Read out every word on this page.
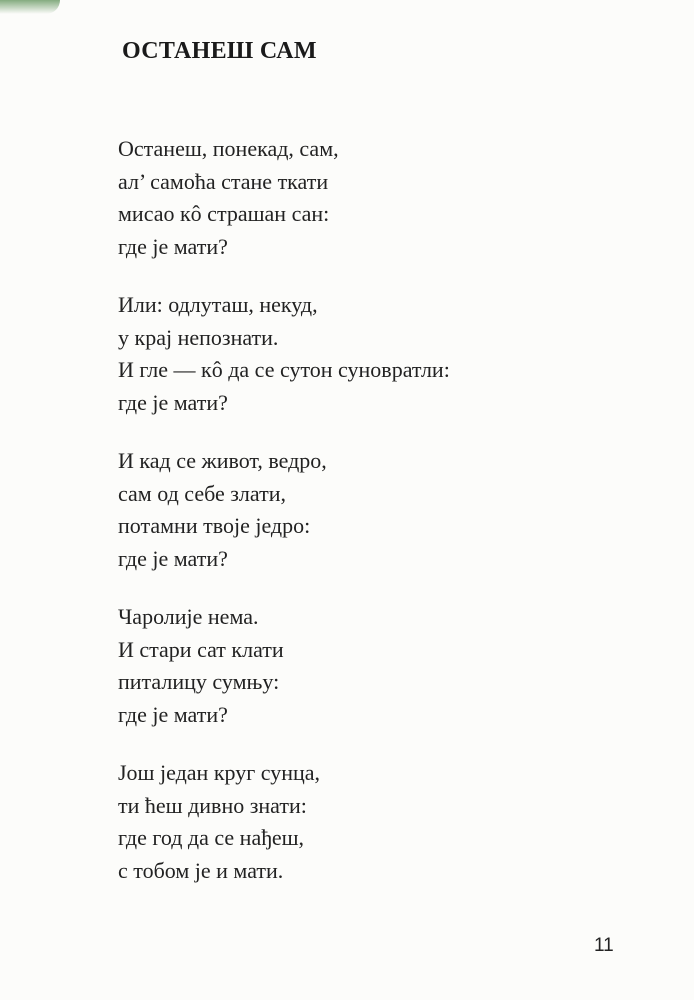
ОСТАНЕШ САМ
Останеш, понекад, сам,
ал’ самоћа стане ткати
мисао кô страшан сан:
где је мати?
Или: одлуташ, некуд,
у крај непознати.
И гле — кô да се сутон суновратли:
где је мати?
И кад се живот, ведро,
сам од себе злати,
потамни твоје једро:
где је мати?
Чаролије нема.
И стари сат клати
питалицу сумњу:
где је мати?
Још један круг сунца,
ти ћеш дивно знати:
где год да се нађеш,
с тобом је и мати.
11
